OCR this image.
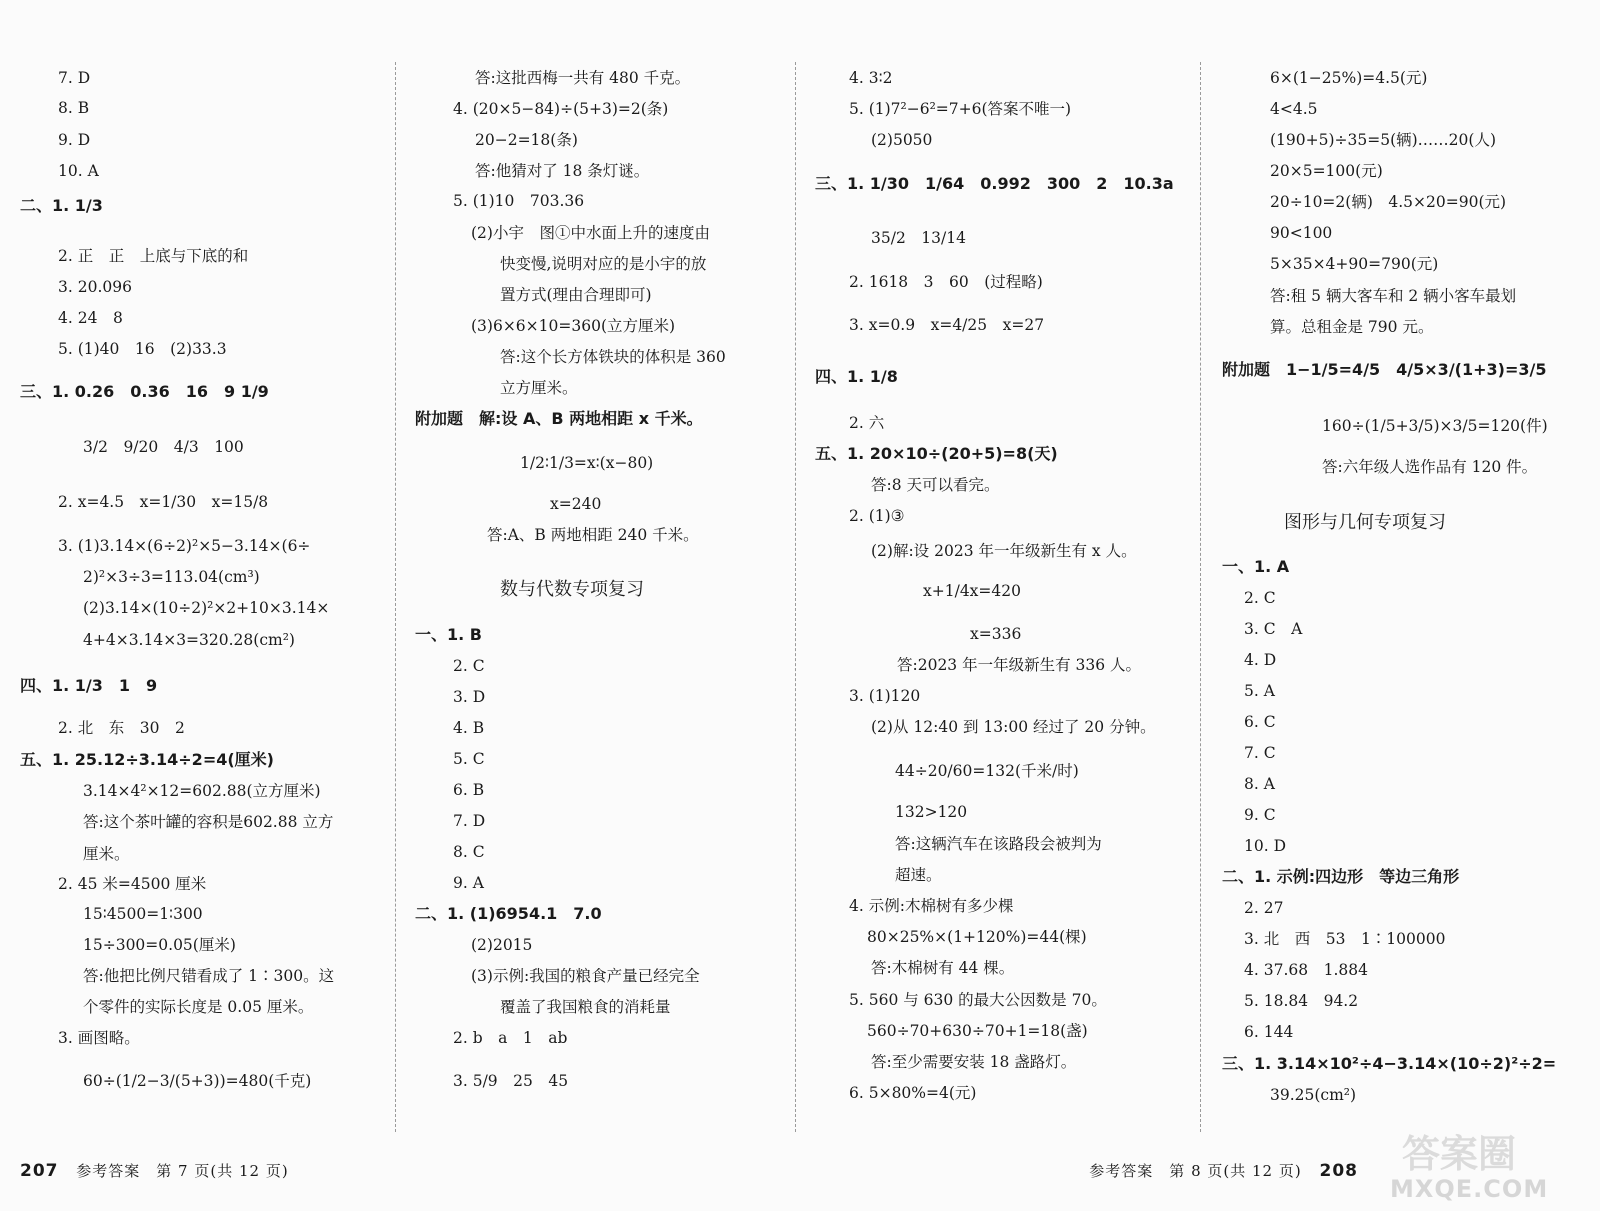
7. D
8. B
9. D
10. A
二、1. 1/3
2. 正　正　上底与下底的和
3. 20.096
4. 24　8
5. (1)40　16　(2)33.3
三、1. 0.26　0.36　16　9 1/9
3/2　9/20　4/3　100
2. x=4.5　x=1/30　x=15/8
3. (1)3.14×(6÷2)²×5−3.14×(6÷
2)²×3÷3=113.04(cm³)
(2)3.14×(10÷2)²×2+10×3.14×
4+4×3.14×3=320.28(cm²)
四、1. 1/3　1　9
2. 北　东　30　2
五、1. 25.12÷3.14÷2=4(厘米)
3.14×4²×12=602.88(立方厘米)
答:这个茶叶罐的容积是602.88 立方
厘米。
2. 45 米=4500 厘米
15∶4500=1∶300
15÷300=0.05(厘米)
答:他把比例尺错看成了 1∶300。这
个零件的实际长度是 0.05 厘米。
3. 画图略。
60÷(1/2−3/(5+3))=480(千克)
答:这批西梅一共有 480 千克。
4. (20×5−84)÷(5+3)=2(条)
20−2=18(条)
答:他猜对了 18 条灯谜。
5. (1)10　703.36
(2)小宇　图①中水面上升的速度由
快变慢,说明对应的是小宇的放
置方式(理由合理即可)
(3)6×6×10=360(立方厘米)
答:这个长方体铁块的体积是 360
立方厘米。
附加题　解:设 A、B 两地相距 x 千米。
1/2∶1/3=x∶(x−80)
x=240
答:A、B 两地相距 240 千米。
数与代数专项复习
一、1. B
2. C
3. D
4. B
5. C
6. B
7. D
8. C
9. A
二、1. (1)6954.1　7.0
(2)2015
(3)示例:我国的粮食产量已经完全
覆盖了我国粮食的消耗量
2. b　a　1　ab
3. 5/9　25　45
4. 3∶2
5. (1)7²−6²=7+6(答案不唯一)
(2)5050
三、1. 1/30　1/64　0.992　300　2　10.3a
35/2　13/14
2. 1618　3　60　(过程略)
3. x=0.9　x=4/25　x=27
四、1. 1/8
2. 六
五、1. 20×10÷(20+5)=8(天)
答:8 天可以看完。
2. (1)③
(2)解:设 2023 年一年级新生有 x 人。
x+1/4x=420
x=336
答:2023 年一年级新生有 336 人。
3. (1)120
(2)从 12:40 到 13:00 经过了 20 分钟。
44÷20/60=132(千米/时)
132>120
答:这辆汽车在该路段会被判为
超速。
4. 示例:木棉树有多少棵
80×25%×(1+120%)=44(棵)
答:木棉树有 44 棵。
5. 560 与 630 的最大公因数是 70。
560÷70+630÷70+1=18(盏)
答:至少需要安装 18 盏路灯。
6. 5×80%=4(元)
6×(1−25%)=4.5(元)
4<4.5
(190+5)÷35=5(辆)……20(人)
20×5=100(元)
20÷10=2(辆)　4.5×20=90(元)
90<100
5×35×4+90=790(元)
答:租 5 辆大客车和 2 辆小客车最划
算。总租金是 790 元。
附加题　1−1/5=4/5　4/5×3/(1+3)=3/5
160÷(1/5+3/5)×3/5=120(件)
答:六年级人选作品有 120 件。
图形与几何专项复习
一、1. A
2. C
3. C　A
4. D
5. A
6. C
7. C
8. A
9. C
10. D
二、1. 示例:四边形　等边三角形
2. 27
3. 北　西　53　1∶100000
4. 37.68　1.884
5. 18.84　94.2
6. 144
三、1. 3.14×10²÷4−3.14×(10÷2)²÷2=
39.25(cm²)
207 参考答案　第 7 页(共 12 页)	参考答案　第 8 页(共 12 页) 208	答案圈
MXQE.COM
